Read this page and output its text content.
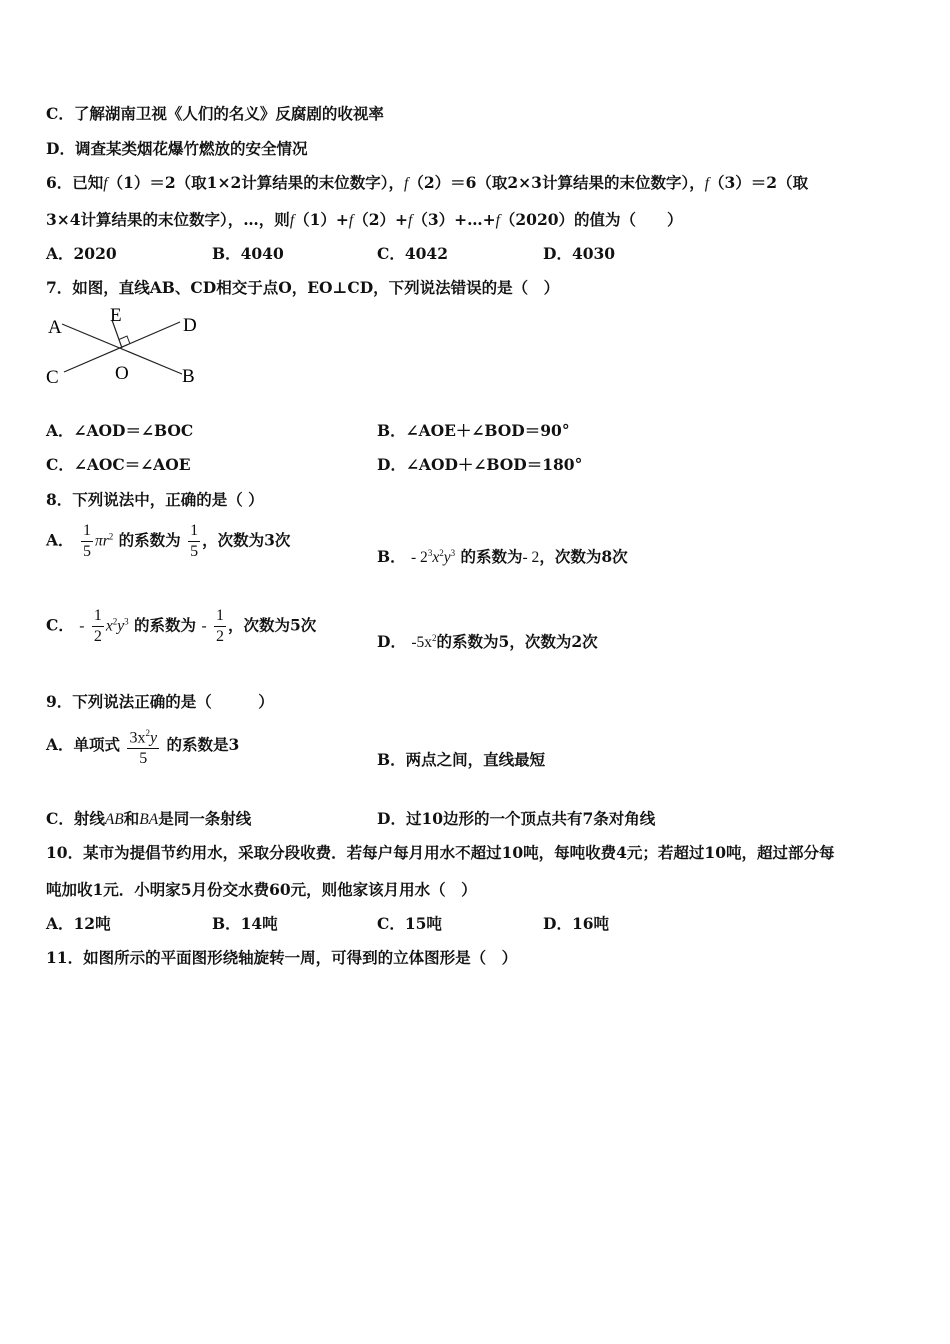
C．了解湖南卫视《人们的名义》反腐剧的收视率
D．调查某类烟花爆竹燃放的安全情况
6．已知f（1）＝2（取1×2计算结果的末位数字），f（2）＝6（取2×3计算结果的末位数字），f（3）＝2（取
3×4计算结果的末位数字），…，则f（1）+f（2）+f（3）+…+f（2020）的值为（　　）
A．2020	B．4040	C．4042	D．4030
7．如图，直线AB、CD相交于点O，EO⊥CD，下列说法错误的是（　）
A
B
C
D
E
O
A．∠AOD＝∠BOC	B．∠AOE＋∠BOD＝90°
C．∠AOC＝∠AOE	D．∠AOD＋∠BOD＝180°
8．下列说法中，正确的是（ ）
A． $\frac{1}{5} \pi r^2$ 的系数为 $\frac{1}{5}$ ，次数为3次
B． - $2^3x^2y^3$ 的系数为- 2，次数为8次
C． - $\frac{1}{2} x^2y^3$ 的系数为 - $\frac{1}{2}$ ，次数为5次
D． $-5x^2$的系数为5，次数为2次
9．下列说法正确的是（　　　）
A．单项式 $\frac{3x^2y}{5}$ 的系数是3
B．两点之间，直线最短
C．射线AB和BA是同一条射线	D．过10边形的一个顶点共有7条对角线
10．某市为提倡节约用水，采取分段收费．若每户每月用水不超过10吨，每吨收费4元；若超过10吨，超过部分每
吨加收1元．小明家5月份交水费60元，则他家该月用水（　）
A．12吨	B．14吨	C．15吨	D．16吨
11．如图所示的平面图形绕轴旋转一周，可得到的立体图形是（　）
